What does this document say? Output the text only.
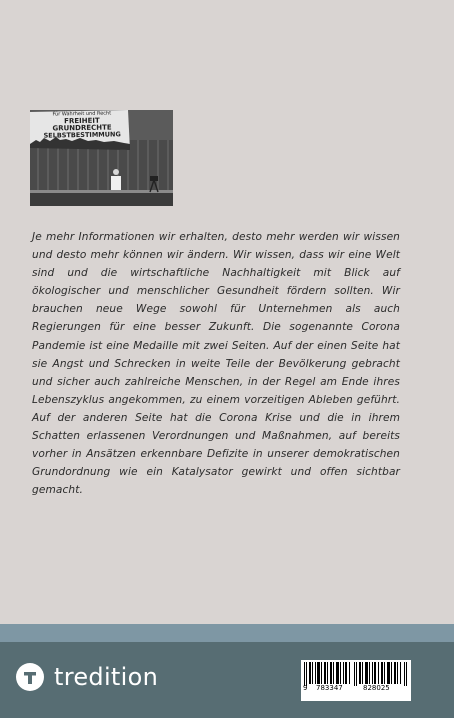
Für Wahrheit und Recht
FREIHEIT
GRUNDRECHTE
SELBSTBESTIMMUNG

Je mehr Informationen wir erhalten, desto mehr werden wir wissen und desto mehr können wir ändern. Wir wissen, dass wir eine Welt sind und die wirtschaftliche Nachhaltigkeit mit Blick auf ökologischer und menschlicher Gesundheit fördern sollten. Wir brauchen neue Wege sowohl für Unternehmen als auch Regierungen für eine besser Zukunft. Die sogenannte Corona Pandemie ist eine Medaille mit zwei Seiten. Auf der einen Seite hat sie Angst und Schrecken in weite Teile der Bevölkerung gebracht und sicher auch zahlreiche Menschen, in der Regel am Ende ihres Lebenszyklus angekommen, zu einem vorzeitigen Ableben geführt. Auf der anderen Seite hat die Corona Krise und die in ihrem Schatten erlassenen Verordnungen und Maßnahmen, auf bereits vorher in Ansätzen erkennbare Defizite in unserer demokratischen Grundordnung wie ein Katalysator gewirkt und offen sichtbar gemacht.

tredition	9 783347	828025
